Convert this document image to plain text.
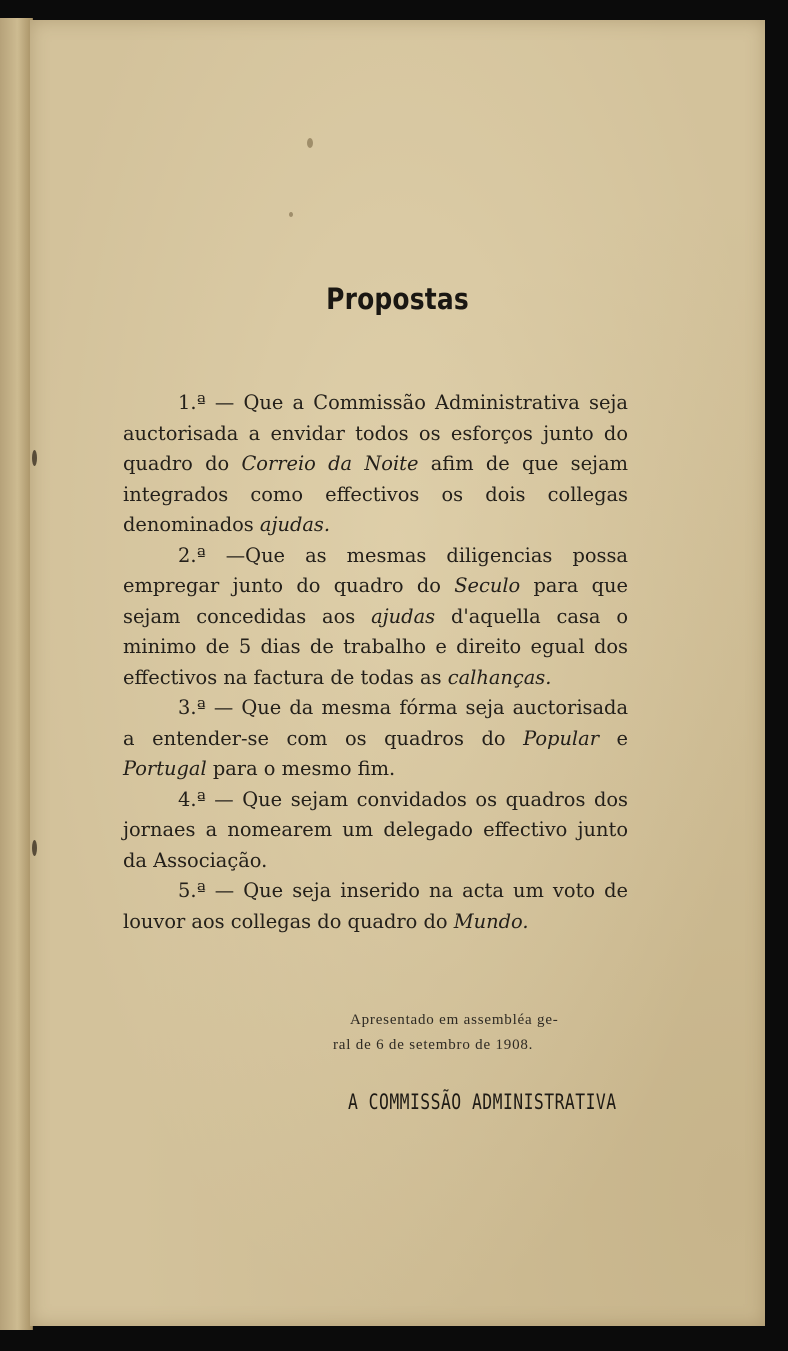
Propostas

1.ª — Que a Commissão Administrativa seja auctorisada a envidar todos os esforços junto do quadro do Correio da Noite afim de que sejam integrados como effectivos os dois collegas denominados ajudas.

2.ª —Que as mesmas diligencias possa empregar junto do quadro do Seculo para que sejam concedidas aos ajudas d'aquella casa o minimo de 5 dias de trabalho e direito egual dos effectivos na factura de todas as calhanças.

3.ª — Que da mesma fórma seja auctorisada a entender-se com os quadros do Popular e Portugal para o mesmo fim.

4.ª — Que sejam convidados os quadros dos jornaes a nomearem um delegado effectivo junto da Associação.

5.ª — Que seja inserido na acta um voto de louvor aos collegas do quadro do Mundo.

Apresentado em assembléa ge-
ral de 6 de setembro de 1908.
A COMMISSÃO ADMINISTRATIVA
